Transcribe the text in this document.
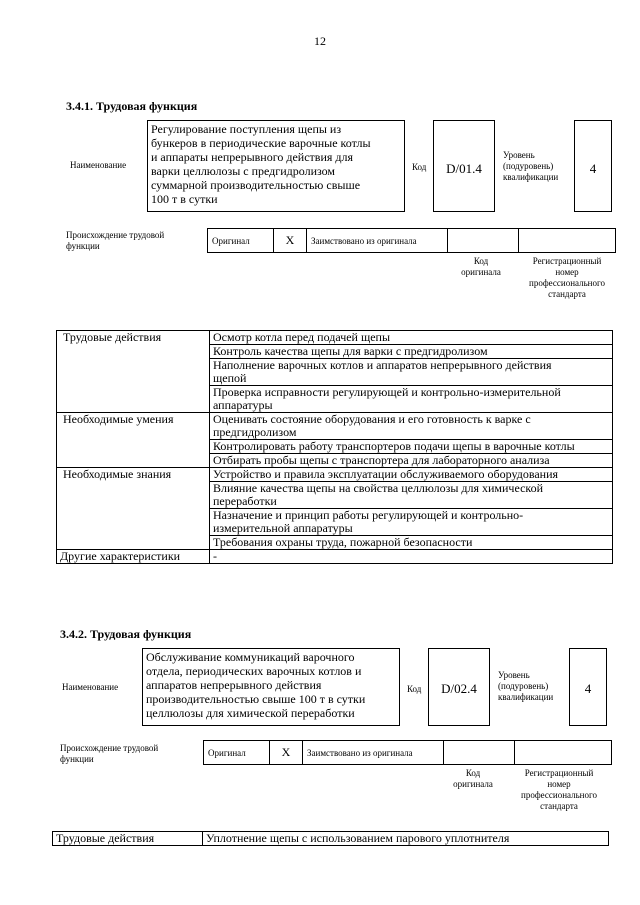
12
3.4.1. Трудовая функция
Наименование
Регулирование поступления щепы из
бункеров в периодические варочные котлы
и аппараты непрерывного действия для
варки целлюлозы с предгидролизом
суммарной производительностью свыше
100 т в сутки
Код	D/01.4
Уровень
(подуровень)
квалификации
4
Происхождение трудовой
функции
Оригинал	X	Заимствовано из оригинала		
Код
оригинала
Регистрационный
номер
профессионального
стандарта
Трудовые действия	Осмотр котла перед подачей щепы

	Контроль качества щепы для варки с предгидролизом

	Наполнение варочных котлов и аппаратов непрерывного действия
щепой

	Проверка исправности регулирующей и контрольно-измерительной
аппаратуры

Необходимые умения	Оценивать состояние оборудования и его готовность к варке с
предгидролизом

	Контролировать работу транспортеров подачи щепы в варочные котлы

	Отбирать пробы щепы с транспортера для лабораторного анализа

Необходимые знания	Устройство и правила эксплуатации обслуживаемого оборудования

	Влияние качества щепы на свойства целлюлозы для химической
переработки

	Назначение и принцип работы регулирующей и контрольно-
измерительной аппаратуры

	Требования охраны труда, пожарной безопасности

Другие характеристики	-
3.4.2. Трудовая функция
Наименование
Обслуживание коммуникаций варочного
отдела, периодических варочных котлов и
аппаратов непрерывного действия
производительностью свыше 100 т в сутки
целлюлозы для химической переработки
Код	D/02.4
Уровень
(подуровень)
квалификации
4
Происхождение трудовой
функции
Оригинал	X	Заимствовано из оригинала		
Код
оригинала
Регистрационный
номер
профессионального
стандарта
Трудовые действия	Уплотнение щепы с использованием парового уплотнителя
